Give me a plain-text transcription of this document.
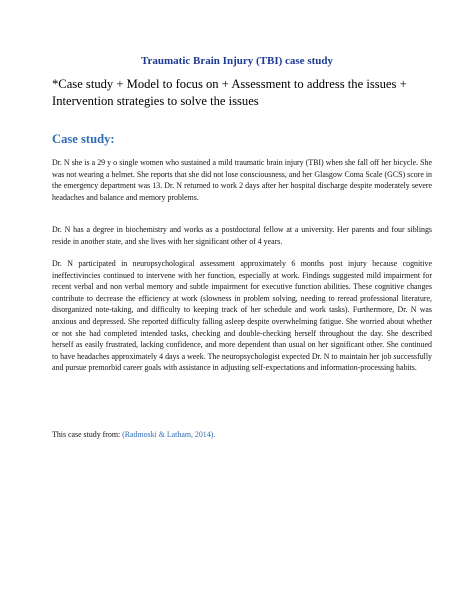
Traumatic Brain Injury (TBI) case study
*Case study + Model to focus on + Assessment to address the issues + Intervention strategies to solve the issues
Case study:

Dr. N she is a 29 y o single women who sustained a mild traumatic brain injury (TBI) when she fall off her bicycle. She was not wearing a helmet. She reports that she did not lose consciousness, and her Glasgow Coma Scale (GCS) score in the emergency department was 13. Dr. N returned to work 2 days after her hospital discharge despite moderately severe headaches and balance and memory problems.

Dr. N has a degree in biochemistry and works as a postdoctoral fellow at a university. Her parents and four siblings reside in another state, and she lives with her significant other of 4 years.

Dr. N participated in neuropsychological assessment approximately 6 months post injury because cognitive ineffectivincies continued to intervene with her function, especially at work. Findings suggested mild impairment for recent verbal and non verbal memory and subtle impairment for executive function abilities. These cognitive changes contribute to decrease the efficiency at work (slowness in problem solving, needing to reread professional literature, disorganized note-taking, and difficulty to keeping track of her schedule and work tasks). Furthermore, Dr. N was anxious and depressed. She reported difficulty falling asleep despite overwhelming fatigue. She worried about whether or not she had completed intended tasks, checking and double-checking herself throughout the day. She described herself as easily frustrated, lacking confidence, and more dependent than usual on her significant other. She continued to have headaches approximately 4 days a week. The neuropsychologist expected Dr. N to maintain her job successfully and pursue premorbid career goals with assistance in adjusting self-expectations and information-processing habits.

This case study from: (Radmoski & Latham, 2014).
